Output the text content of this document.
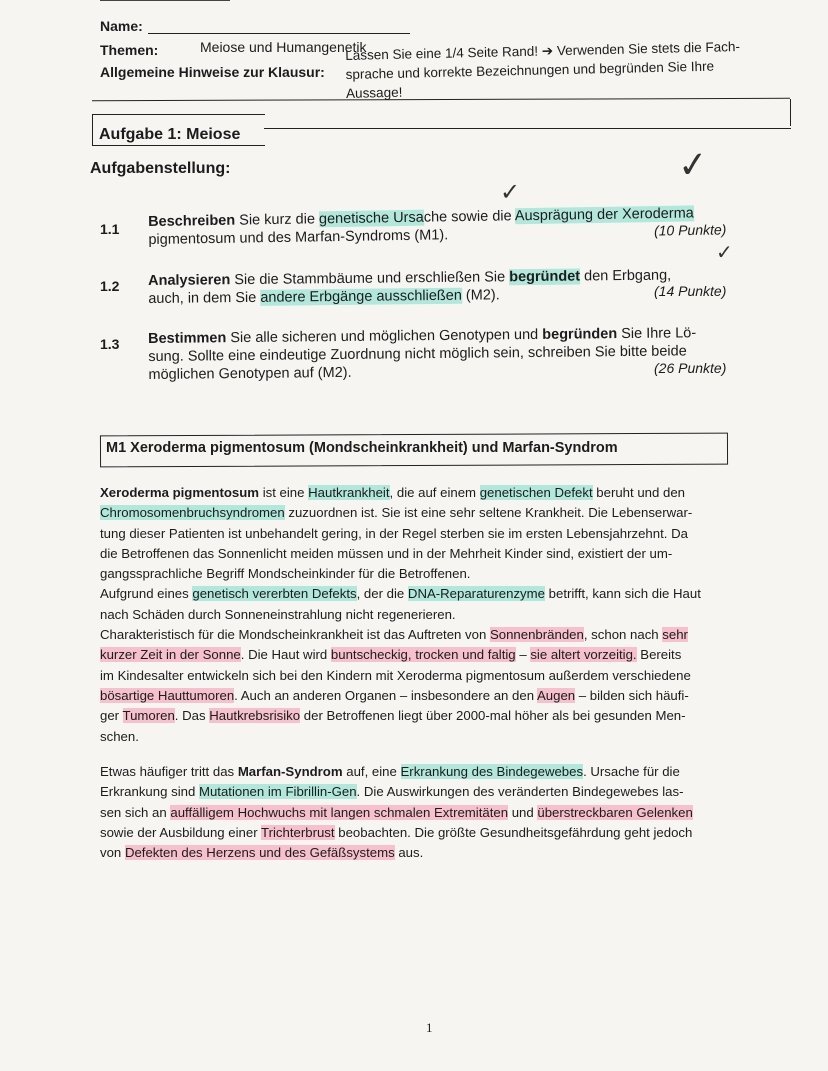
Name:
Themen:	Meiose und Humangenetik
Allgemeine Hinweise zur Klausur:
Lassen Sie eine 1/4 Seite Rand! ➔ Verwenden Sie stets die Fach-
sprache und korrekte Bezeichnungen und begründen Sie Ihre
Aussage!
Aufgabe 1: Meiose
Aufgabenstellung:	✓
✓
✓
1.1 Beschreiben Sie kurz die genetische Ursache sowie die Ausprägung der Xeroderma
pigmentosum und des Marfan-Syndroms (M1).	(10 Punkte)
1.2 Analysieren Sie die Stammbäume und erschließen Sie begründet den Erbgang,
auch, in dem Sie andere Erbgänge ausschließen (M2).	(14 Punkte)
1.3 Bestimmen Sie alle sicheren und möglichen Genotypen und begründen Sie Ihre Lö-
sung. Sollte eine eindeutige Zuordnung nicht möglich sein, schreiben Sie bitte beide
möglichen Genotypen auf (M2).	(26 Punkte)
M1 Xeroderma pigmentosum (Mondscheinkrankheit) und Marfan-Syndrom
Xeroderma pigmentosum ist eine Hautkrankheit, die auf einem genetischen Defekt beruht und den
Chromosomenbruchsyndromen zuzuordnen ist. Sie ist eine sehr seltene Krankheit. Die Lebenserwar-
tung dieser Patienten ist unbehandelt gering, in der Regel sterben sie im ersten Lebensjahrzehnt. Da
die Betroffenen das Sonnenlicht meiden müssen und in der Mehrheit Kinder sind, existiert der um-
gangssprachliche Begriff Mondscheinkinder für die Betroffenen.
Aufgrund eines genetisch vererbten Defekts, der die DNA-Reparaturenzyme betrifft, kann sich die Haut
nach Schäden durch Sonneneinstrahlung nicht regenerieren.
Charakteristisch für die Mondscheinkrankheit ist das Auftreten von Sonnenbränden, schon nach sehr
kurzer Zeit in der Sonne. Die Haut wird buntscheckig, trocken und faltig – sie altert vorzeitig. Bereits
im Kindesalter entwickeln sich bei den Kindern mit Xeroderma pigmentosum außerdem verschiedene
bösartige Hauttumoren. Auch an anderen Organen – insbesondere an den Augen – bilden sich häufi-
ger Tumoren. Das Hautkrebsrisiko der Betroffenen liegt über 2000-mal höher als bei gesunden Men-
schen.
Etwas häufiger tritt das Marfan-Syndrom auf, eine Erkrankung des Bindegewebes. Ursache für die
Erkrankung sind Mutationen im Fibrillin-Gen. Die Auswirkungen des veränderten Bindegewebes las-
sen sich an auffälligem Hochwuchs mit langen schmalen Extremitäten und überstreckbaren Gelenken
sowie der Ausbildung einer Trichterbrust beobachten. Die größte Gesundheitsgefährdung geht jedoch
von Defekten des Herzens und des Gefäßsystems aus.
1
